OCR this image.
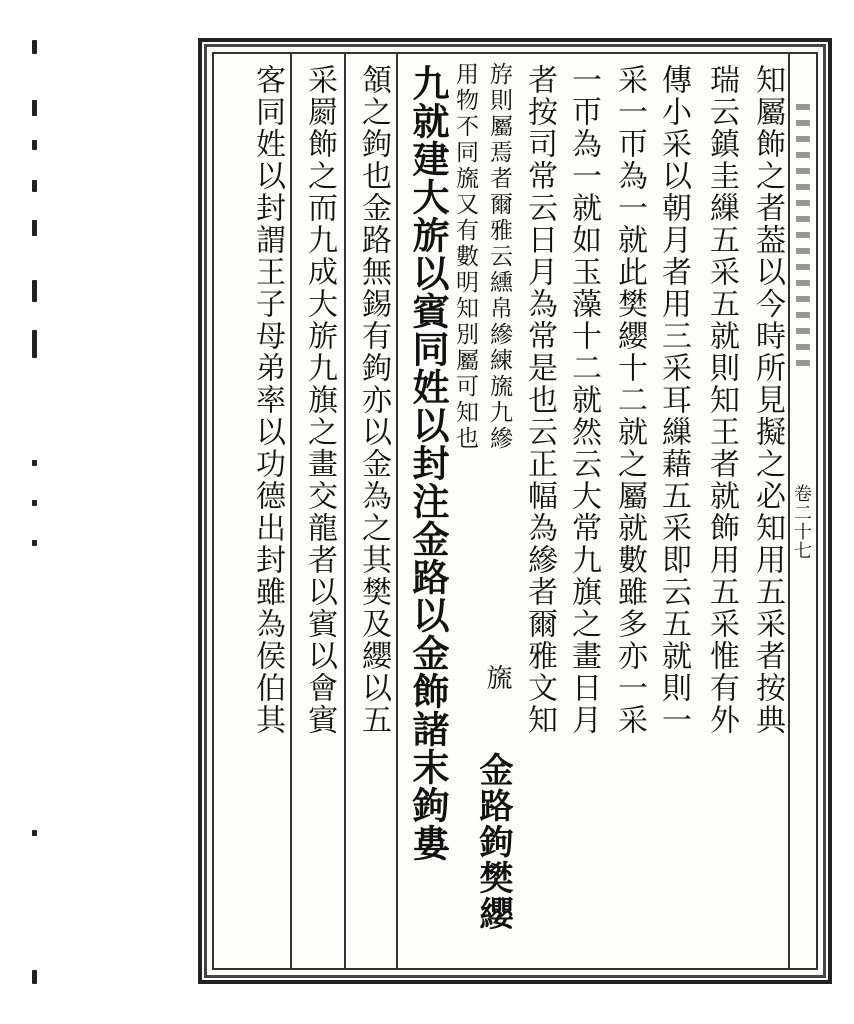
卷二十七
知屬飾之者葢以今時所見擬之必知用五采者按典
瑞云鎮圭繅五采五就則知王者就飾用五采惟有外
傳小采以朝月者用三采耳繅藉五采即云五就則一
采一帀為一就此樊纓十二就之屬就數雖多亦一采
一帀為一就如玉藻十二就然云大常九旗之畫日月
者按司常云日月為常是也云正幅為縿者爾雅文知
斿則屬焉者爾雅云纁帛縿練旒九縿
旒
用物不同旒又有數明知別屬可知也
金路鉤樊纓
九就建大旂以賓同姓以封注金路以金飾諸末鉤婁
頷之鉤也金路無錫有鉤亦以金為之其樊及纓以五
采罽飾之而九成大旂九旗之畫交龍者以賓以會賓
客同姓以封謂王子母弟率以功德出封雖為侯伯其
